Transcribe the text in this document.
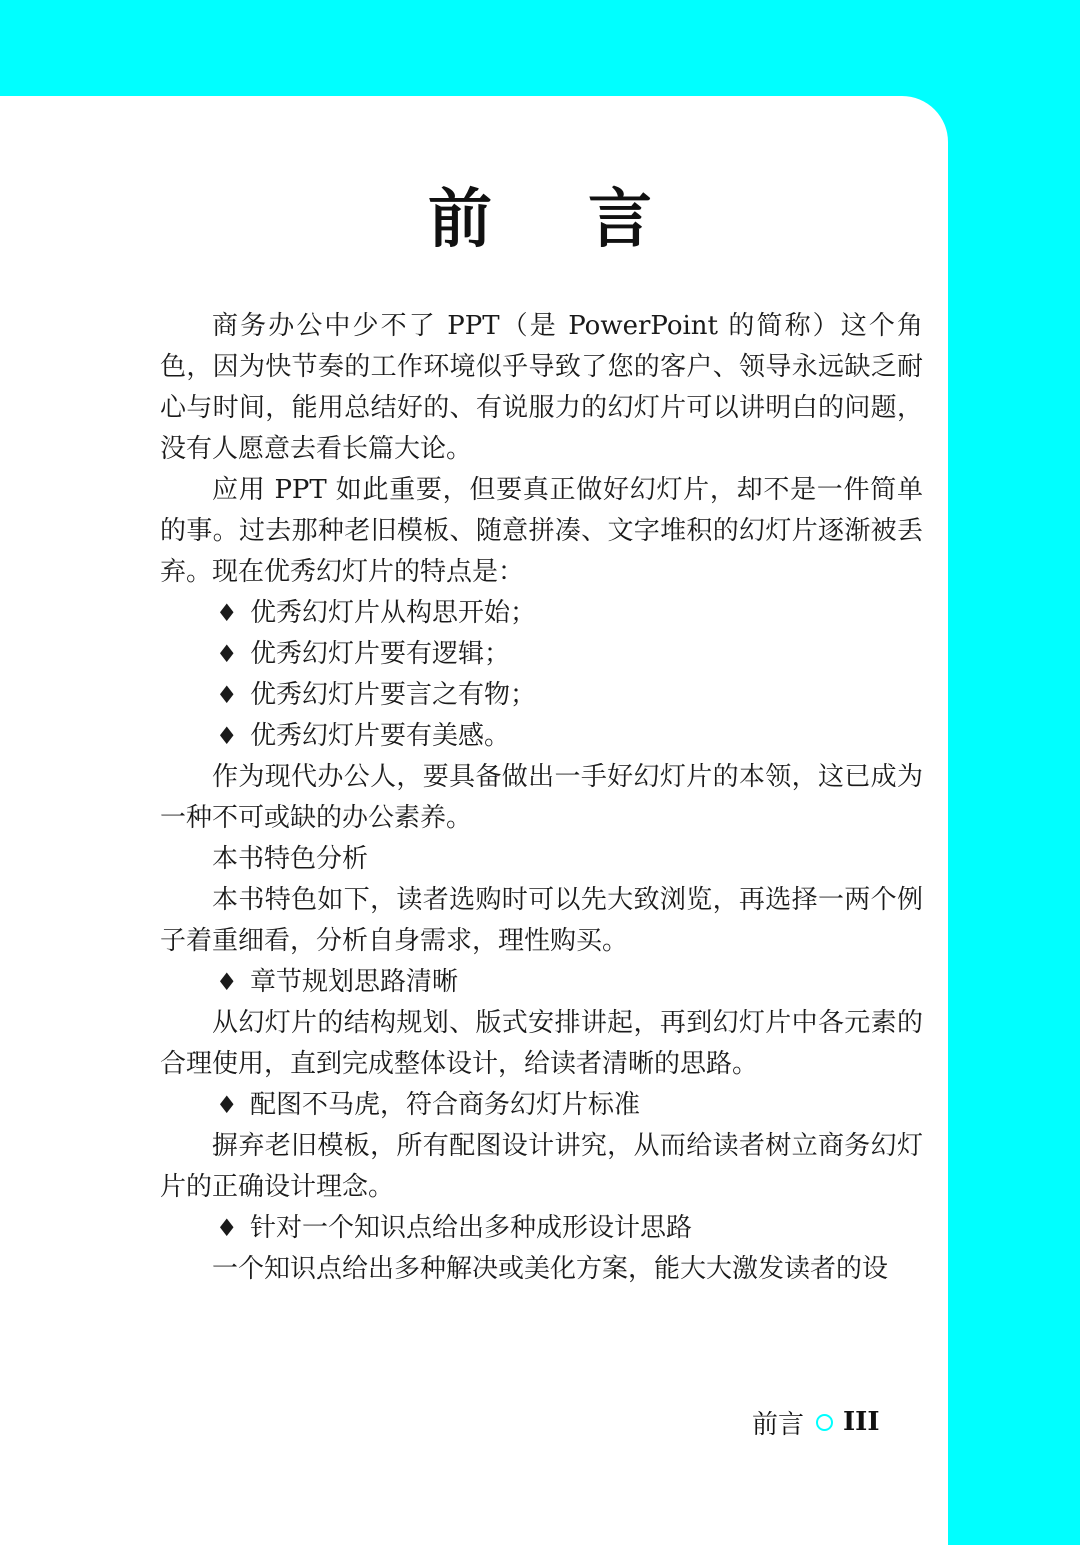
前 言

商务办公中少不了 PPT（是 PowerPoint 的简称）这个角色，因为快节奏的工作环境似乎导致了您的客户、领导永远缺乏耐心与时间，能用总结好的、有说服力的幻灯片可以讲明白的问题，没有人愿意去看长篇大论。

应用 PPT 如此重要，但要真正做好幻灯片，却不是一件简单的事。过去那种老旧模板、随意拼凑、文字堆积的幻灯片逐渐被丢弃。现在优秀幻灯片的特点是：

♦ 优秀幻灯片从构思开始；
♦ 优秀幻灯片要有逻辑；
♦ 优秀幻灯片要言之有物；
♦ 优秀幻灯片要有美感。

作为现代办公人，要具备做出一手好幻灯片的本领，这已成为一种不可或缺的办公素养。

本书特色分析

本书特色如下，读者选购时可以先大致浏览，再选择一两个例子着重细看，分析自身需求，理性购买。

♦ 章节规划思路清晰

从幻灯片的结构规划、版式安排讲起，再到幻灯片中各元素的合理使用，直到完成整体设计，给读者清晰的思路。

♦ 配图不马虎，符合商务幻灯片标准

摒弃老旧模板，所有配图设计讲究，从而给读者树立商务幻灯片的正确设计理念。

♦ 针对一个知识点给出多种成形设计思路

一个知识点给出多种解决或美化方案，能大大激发读者的设

前言 III
